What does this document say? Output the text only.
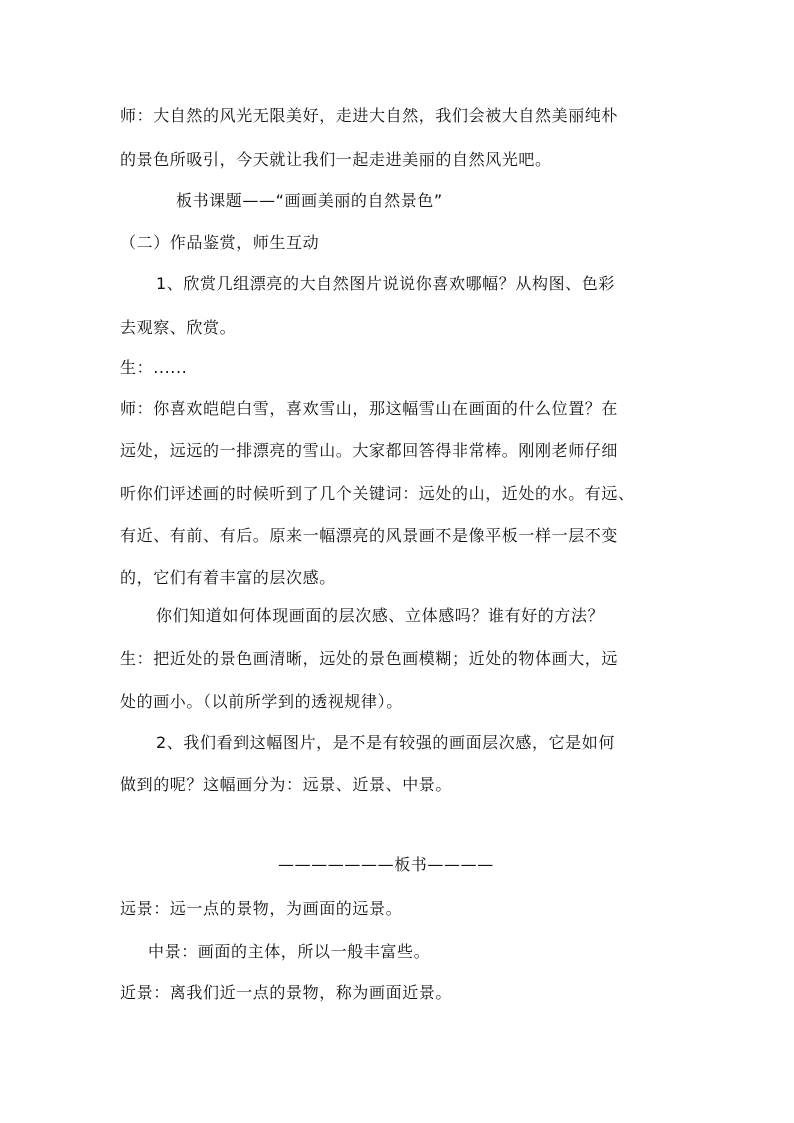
师：大自然的风光无限美好，走进大自然，我们会被大自然美丽纯朴
的景色所吸引，今天就让我们一起走进美丽的自然风光吧。
板书课题——“画画美丽的自然景色”
（二）作品鉴赏，师生互动
1、欣赏几组漂亮的大自然图片说说你喜欢哪幅？从构图、色彩
去观察、欣赏。
生：......
师：你喜欢皑皑白雪，喜欢雪山，那这幅雪山在画面的什么位置？在
远处，远远的一排漂亮的雪山。大家都回答得非常棒。刚刚老师仔细
听你们评述画的时候听到了几个关键词：远处的山，近处的水。有远、
有近、有前、有后。原来一幅漂亮的风景画不是像平板一样一层不变
的，它们有着丰富的层次感。
你们知道如何体现画面的层次感、立体感吗？谁有好的方法？
生：把近处的景色画清晰，远处的景色画模糊；近处的物体画大，远
处的画小。（以前所学到的透视规律）。
2、我们看到这幅图片，是不是有较强的画面层次感，它是如何
做到的呢？这幅画分为：远景、近景、中景。
———————板书————
远景：远一点的景物，为画面的远景。
中景：画面的主体，所以一般丰富些。
近景：离我们近一点的景物，称为画面近景。
